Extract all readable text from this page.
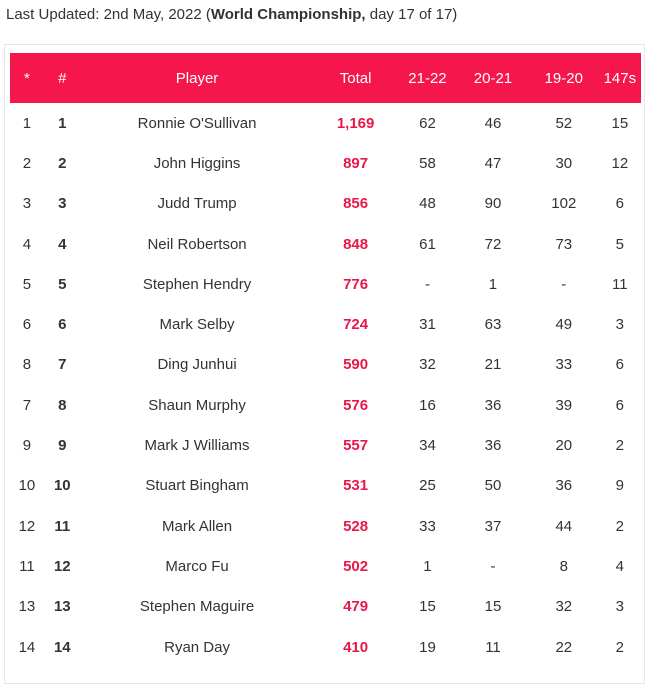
Last Updated: 2nd May, 2022 (World Championship, day 17 of 17)
*	#	Player	Total	21-22	20-21	19-20	147s
1	1	Ronnie O'Sullivan	1,169	62	46	52	15
2	2	John Higgins	897	58	47	30	12
3	3	Judd Trump	856	48	90	102	6
4	4	Neil Robertson	848	61	72	73	5
5	5	Stephen Hendry	776	-	1	-	11
6	6	Mark Selby	724	31	63	49	3
8	7	Ding Junhui	590	32	21	33	6
7	8	Shaun Murphy	576	16	36	39	6
9	9	Mark J Williams	557	34	36	20	2
10	10	Stuart Bingham	531	25	50	36	9
12	11	Mark Allen	528	33	37	44	2
11	12	Marco Fu	502	1	-	8	4
13	13	Stephen Maguire	479	15	15	32	3
14	14	Ryan Day	410	19	11	22	2
